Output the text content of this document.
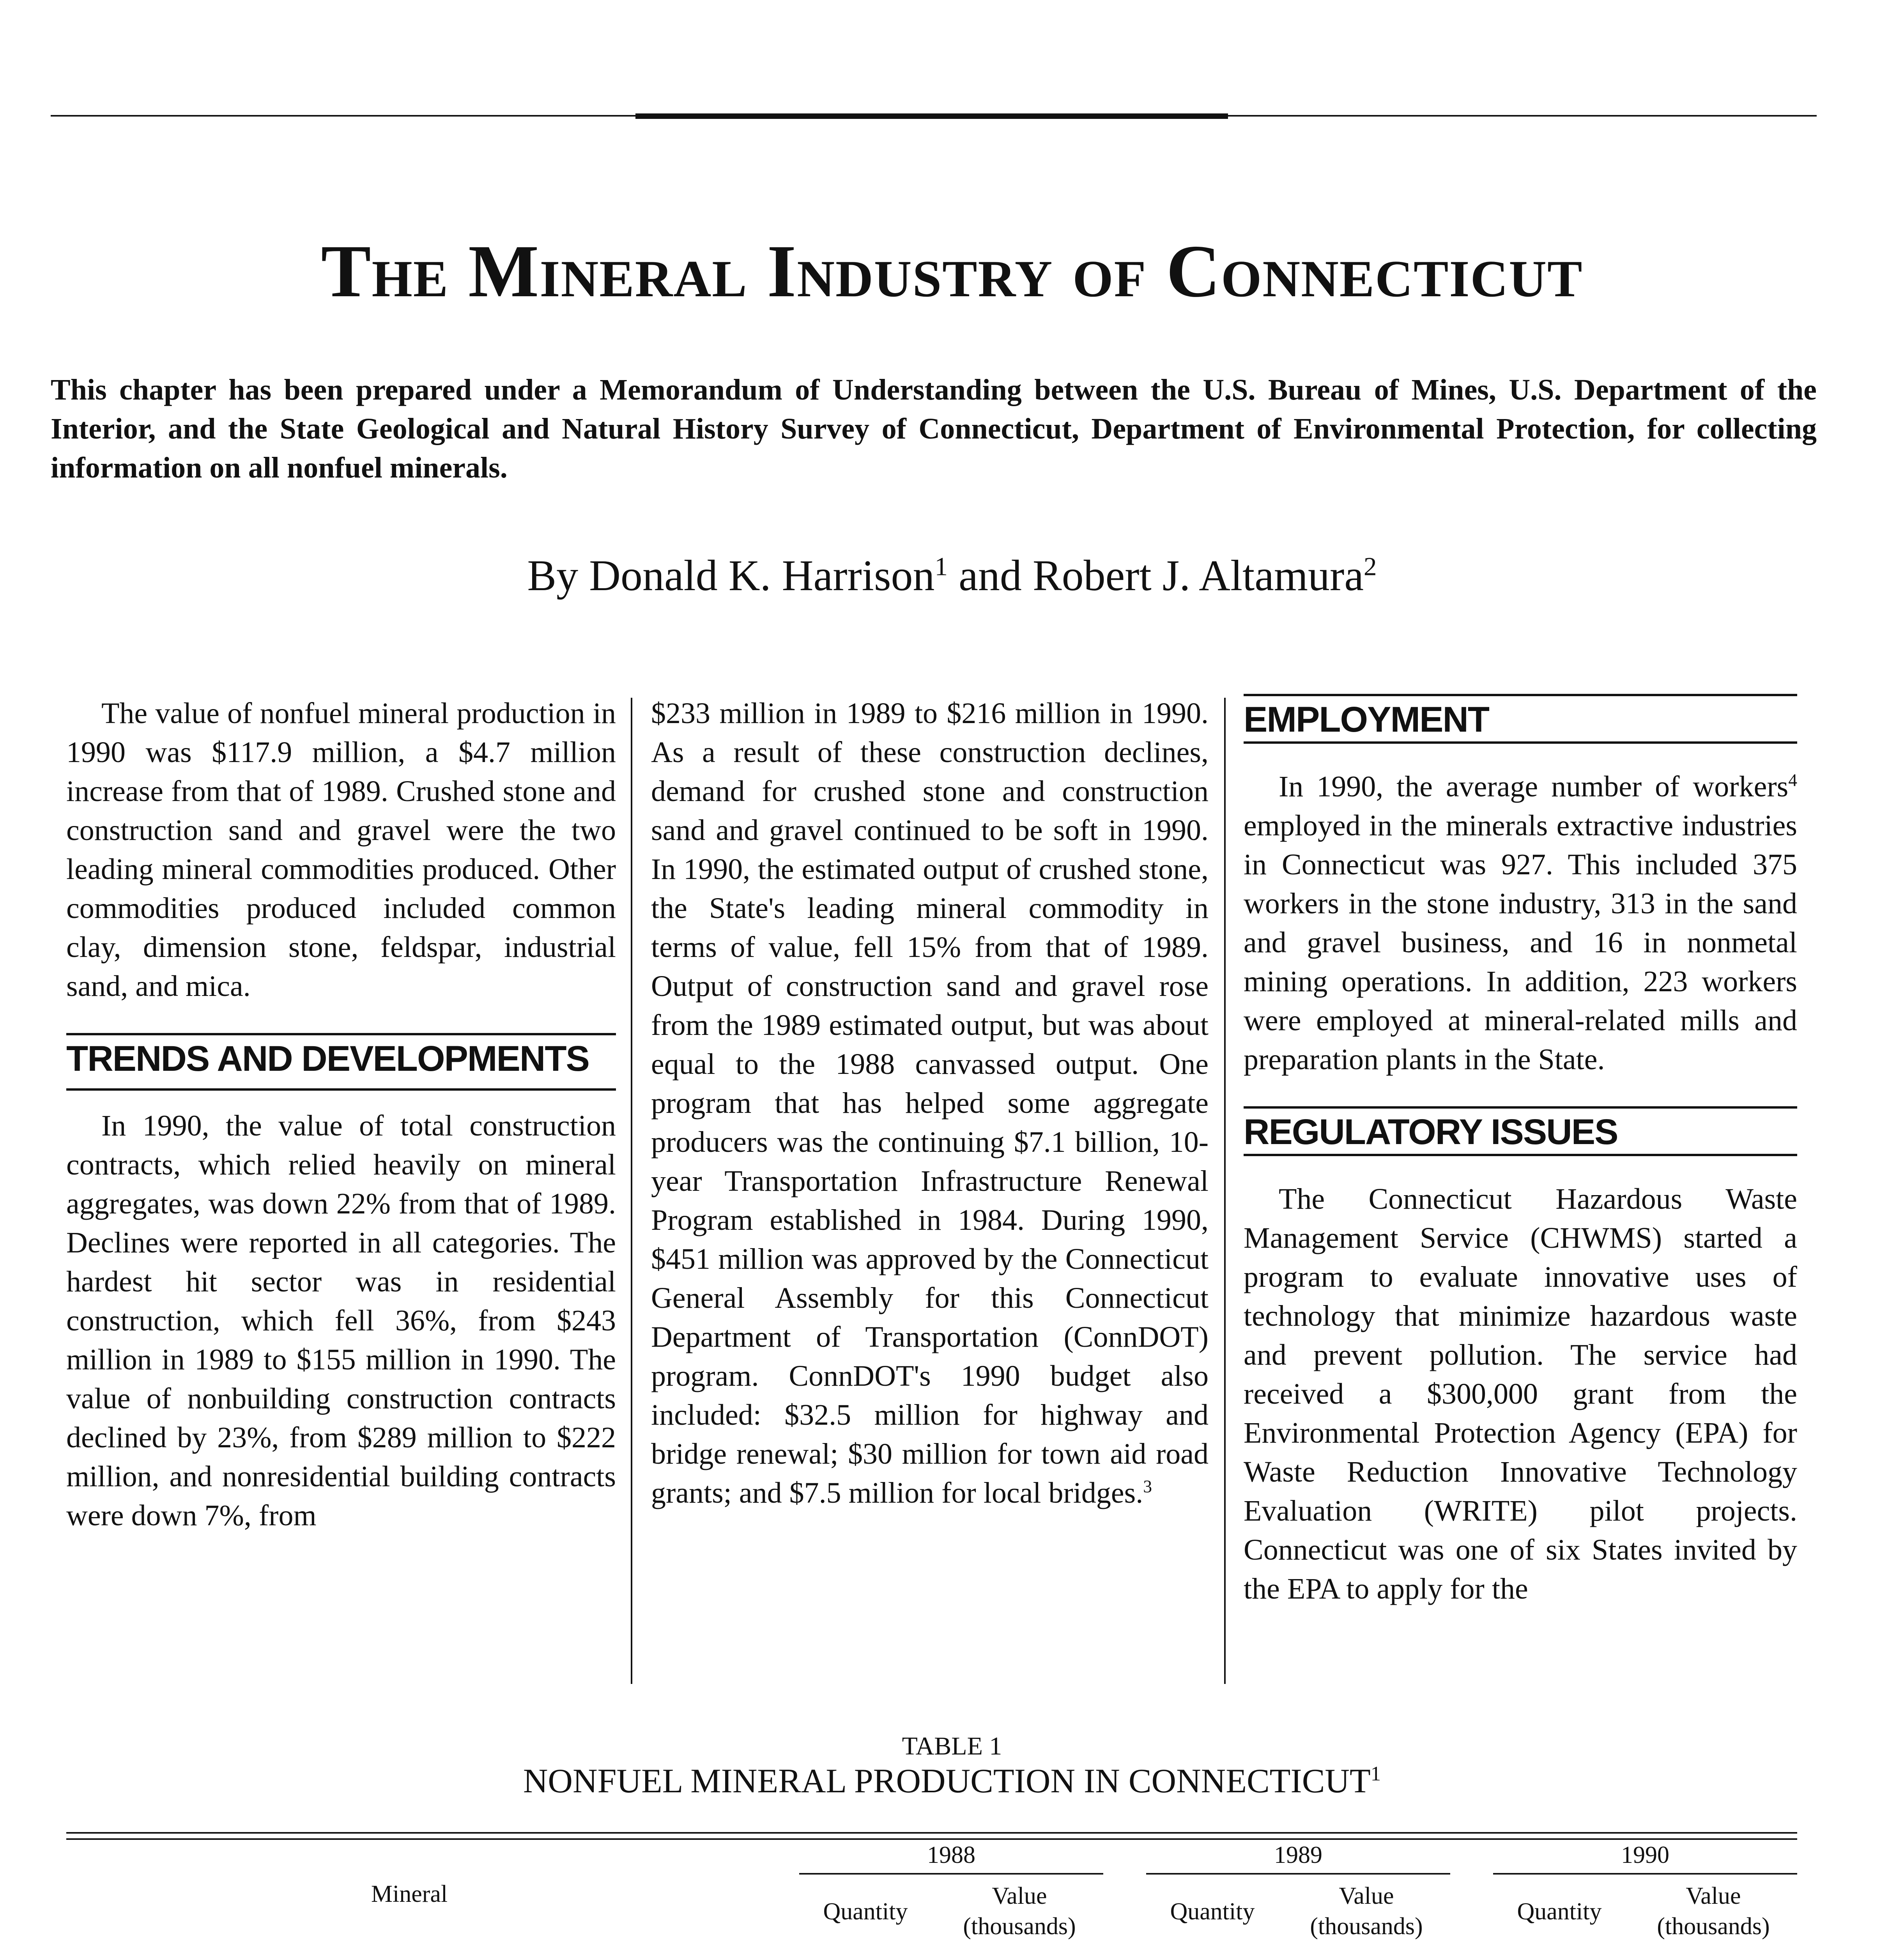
The Mineral Industry of Connecticut
This chapter has been prepared under a Memorandum of Understanding between the U.S. Bureau of Mines, U.S. Department of the Interior, and the State Geological and Natural History Survey of Connecticut, Department of Environmental Protection, for collecting information on all nonfuel minerals.
By Donald K. Harrison$^1$ and Robert J. Altamura$^2$

The value of nonfuel mineral production in 1990 was $117.9 million, a $4.7 million increase from that of 1989. Crushed stone and construction sand and gravel were the two leading mineral commodities produced. Other commodities produced included common clay, dimension stone, feldspar, industrial sand, and mica.

TRENDS AND DEVELOPMENTS

In 1990, the value of total construction contracts, which relied heavily on mineral aggregates, was down 22% from that of 1989. Declines were reported in all categories. The hardest hit sector was in residential construction, which fell 36%, from $243 million in 1989 to $155 million in 1990. The value of nonbuilding construction contracts declined by 23%, from $289 million to $222 million, and nonresidential building contracts were down 7%, from

$233 million in 1989 to $216 million in 1990. As a result of these construction declines, demand for crushed stone and construction sand and gravel continued to be soft in 1990. In 1990, the estimated output of crushed stone, the State's leading mineral commodity in terms of value, fell 15% from that of 1989. Output of construction sand and gravel rose from the 1989 estimated output, but was about equal to the 1988 canvassed output. One program that has helped some aggregate producers was the continuing $7.1 billion, 10-year Transportation Infrastructure Renewal Program established in 1984. During 1990, $451 million was approved by the Connecticut General Assembly for this Connecticut Department of Transportation (ConnDOT) program. ConnDOT's 1990 budget also included: $32.5 million for highway and bridge renewal; $30 million for town aid road grants; and $7.5 million for local bridges.$^3$

EMPLOYMENT

In 1990, the average number of workers$^4$ employed in the minerals extractive industries in Connecticut was 927. This included 375 workers in the stone industry, 313 in the sand and gravel business, and 16 in nonmetal mining operations. In addition, 223 workers were employed at mineral-related mills and preparation plants in the State.

REGULATORY ISSUES

The Connecticut Hazardous Waste Management Service (CHWMS) started a program to evaluate innovative uses of technology that minimize hazardous waste and prevent pollution. The service had received a $300,000 grant from the Environmental Protection Agency (EPA) for Waste Reduction Innovative Technology Evaluation (WRITE) pilot projects. Connecticut was one of six States invited by the EPA to apply for the

TABLE 1
NONFUEL MINERAL PRODUCTION IN CONNECTICUT$^1$
Mineral
1988	1989	1990
Quantity
Value
(thousands)
Quantity
Value
(thousands)
Quantity
Value
(thousands)
